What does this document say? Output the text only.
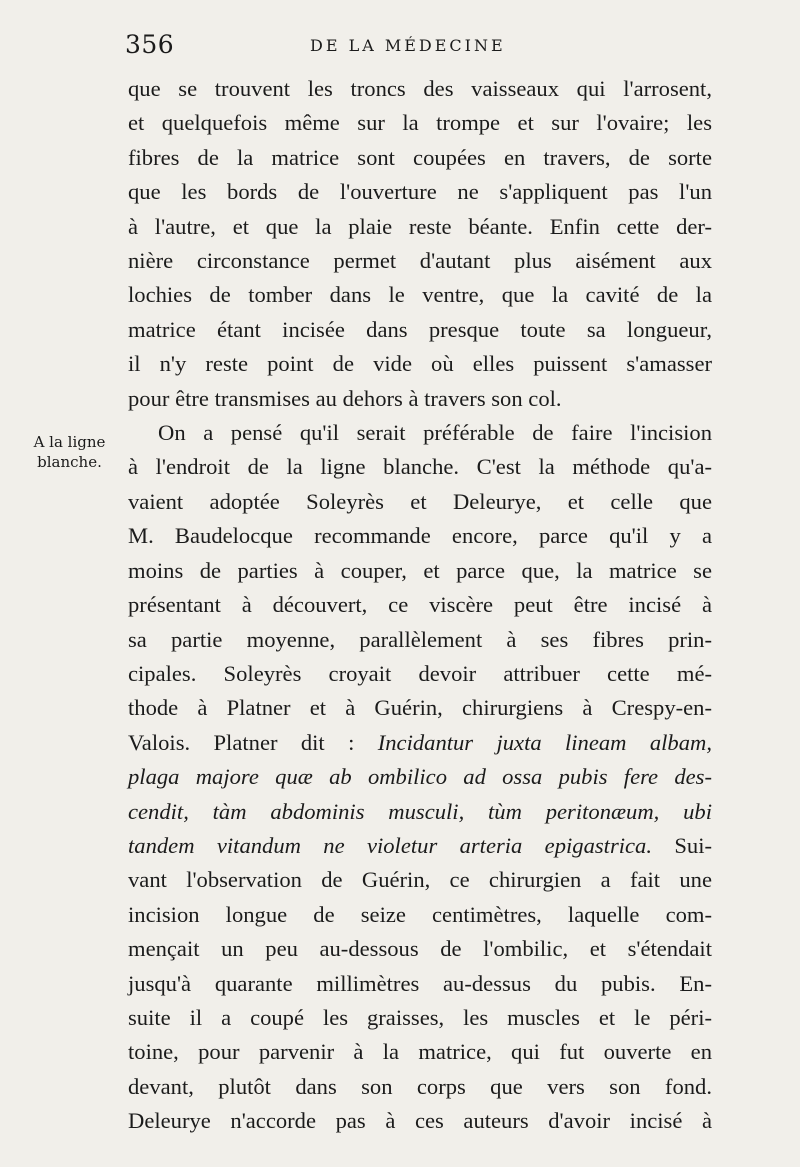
356	DE LA MÉDECINE
A la ligne
blanche.
que se trouvent les troncs des vaisseaux qui l'arrosent,
et quelquefois même sur la trompe et sur l'ovaire; les
fibres de la matrice sont coupées en travers, de sorte
que les bords de l'ouverture ne s'appliquent pas l'un
à l'autre, et que la plaie reste béante. Enfin cette der-
nière circonstance permet d'autant plus aisément aux
lochies de tomber dans le ventre, que la cavité de la
matrice étant incisée dans presque toute sa longueur,
il n'y reste point de vide où elles puissent s'amasser
pour être transmises au dehors à travers son col.
On a pensé qu'il serait préférable de faire l'incision
à l'endroit de la ligne blanche. C'est la méthode qu'a-
vaient adoptée Soleyrès et Deleurye, et celle que
M. Baudelocque recommande encore, parce qu'il y a
moins de parties à couper, et parce que, la matrice se
présentant à découvert, ce viscère peut être incisé à
sa partie moyenne, parallèlement à ses fibres prin-
cipales. Soleyrès croyait devoir attribuer cette mé-
thode à Platner et à Guérin, chirurgiens à Crespy-en-
Valois. Platner dit : Incidantur juxta lineam albam,
plaga majore quæ ab ombilico ad ossa pubis fere des-
cendit, tàm abdominis musculi, tùm peritonæum, ubi
tandem vitandum ne violetur arteria epigastrica. Sui-
vant l'observation de Guérin, ce chirurgien a fait une
incision longue de seize centimètres, laquelle com-
mençait un peu au-dessous de l'ombilic, et s'étendait
jusqu'à quarante millimètres au-dessus du pubis. En-
suite il a coupé les graisses, les muscles et le péri-
toine, pour parvenir à la matrice, qui fut ouverte en
devant, plutôt dans son corps que vers son fond.
Deleurye n'accorde pas à ces auteurs d'avoir incisé à
